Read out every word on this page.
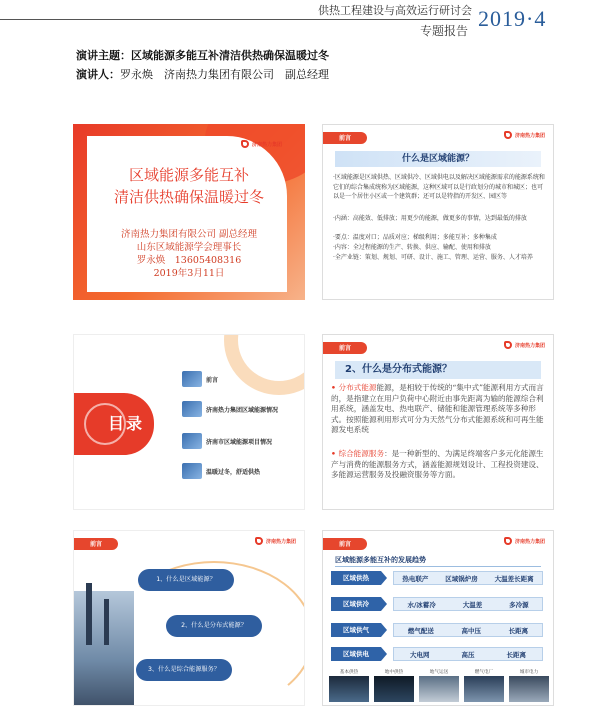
供热工程建设与高效运行研讨会 2019·4
专题报告
演讲主题：区域能源多能互补清洁供热确保温暖过冬
演讲人：罗永焕　济南热力集团有限公司　副总经理
济南热力集团
区域能源多能互补
清洁供热确保温暖过冬
济南热力集团有限公司 副总经理
山东区域能源学会理事长
罗永焕　13605408316
2019年3月11日
前言	济南热力集团
什么是区域能源？
·区域能源是区域供热、区域供冷、区域供电以及解决区域能源需求的能源系统和它们的综合集成统称为区域能源，这种区域可以是行政划分的城市和城区；也可以是一个居住小区或一个建筑群；还可以是特指的开发区、园区等
·内涵：高能效、低排放；用更少的能源，做更多的事情，达到最低的排放
·要点：温度对口；品质对应；梯级利用；多能互补；多种集成
·内容：全过程能源的生产、转换、供应、输配、使用和排放
·全产业链：策划、规划、可研、设计、施工、管理、运营、服务、人才培养
目录
前言
济南热力集团区域能源情况
济南市区域能源项目情况
温暖过冬，舒适供热
前言	济南热力集团
2、什么是分布式能源？
• 分布式能源能源，是相较于传统的“集中式”能源利用方式而言的，是指建立在用户负荷中心附近由事先距离为输的能源综合利用系统，涵盖发电、热电联产、储能和能源管理系统等多种形式。按照能源利用形式可分为天然气分布式能源系统和可再生能源发电系统
• 综合能源服务：是一种新型的、为满足终端客户多元化能源生产与消费的能源服务方式，涵盖能源规划设计、工程投资建设、多能源运营服务及投融资服务等方面。
前言	济南热力集团
1、什么是区域能源？
2、什么是分布式能源？
3、什么是综合能源服务？
前言	济南热力集团
区域能源多能互补的发展趋势
区域供热	热电联产	区域锅炉房	大温差长距离
区域供冷	水/冰蓄冷	大温差	多冷源
区域供气	燃气配送	高中压	长距离
区域供电	大电网	高压	长距离
基本供热	地中供热	地气运送	燃气电厂	城市电力
